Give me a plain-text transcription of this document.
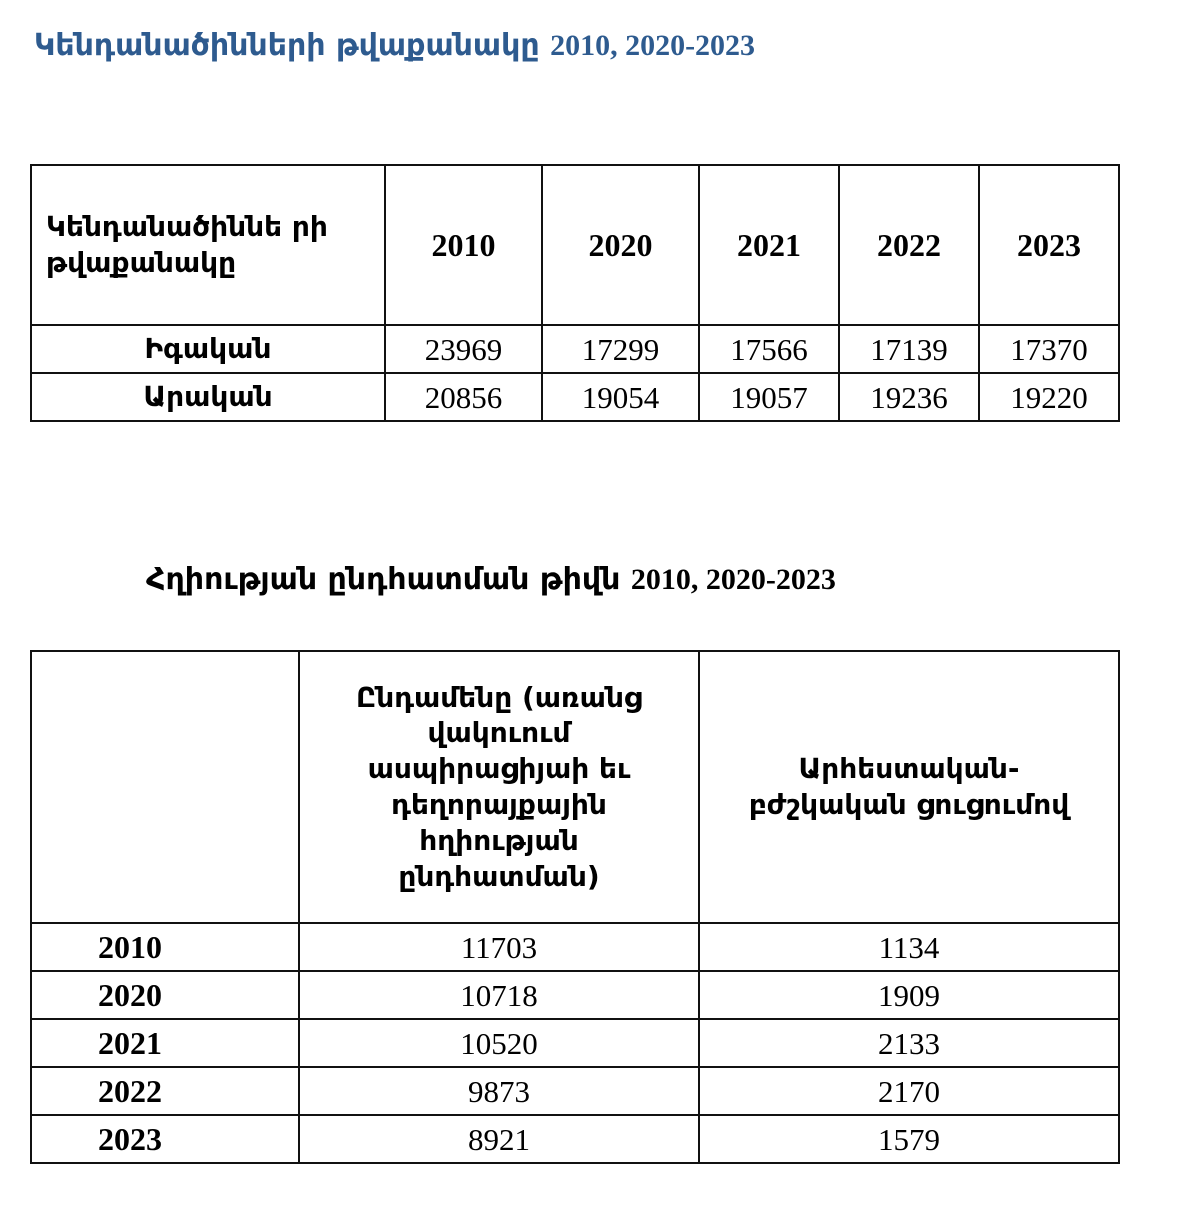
Կենդանածինների թվաքանակը 2010, 2020-2023
Կենդանածիննե րի թվաքանակը	2010	2020	2021	2022	2023
Իգական	23969	17299	17566	17139	17370
Արական	20856	19054	19057	19236	19220
Հղիության ընդհատման թիվն 2010, 2020-2023
	Ընդամենը (առանց վակուում ասպիրացիյաի եւ դեղորայքային հղիության ընդհատման)	Արհեստական- բժշկական ցուցումով
2010	11703	1134
2020	10718	1909
2021	10520	2133
2022	9873	2170
2023	8921	1579
